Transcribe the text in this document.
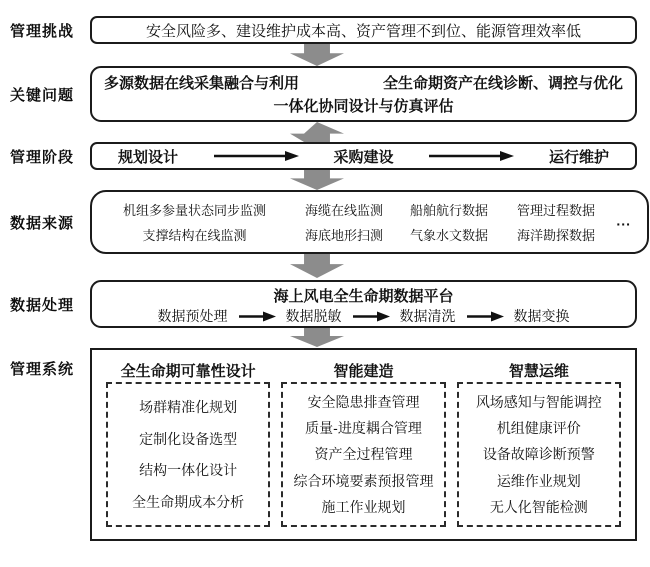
管理挑战	安全风险多、建设维护成本高、资产管理不到位、能源管理效率低
关键问题
多源数据在线采集融合与利用	全生命期资产在线诊断、调控与优化
一体化协同设计与仿真评估
管理阶段	规划设计	采购建设	运行维护
数据来源
机组多参量状态同步监测	海缆在线监测 船舶航行数据 管理过程数据
支撑结构在线监测	海底地形扫测 气象水文数据 海洋勘探数据
...
数据处理	海上风电全生命期数据平台
数据预处理	数据脱敏	数据清洗	数据变换
管理系统	全生命期可靠性设计	智能建造	智慧运维
场群精准化规划
定制化设备选型
结构一体化设计
全生命期成本分析
安全隐患排查管理
质量-进度耦合管理
资产全过程管理
综合环境要素预报管理
施工作业规划
风场感知与智能调控
机组健康评价
设备故障诊断预警
运维作业规划
无人化智能检测
